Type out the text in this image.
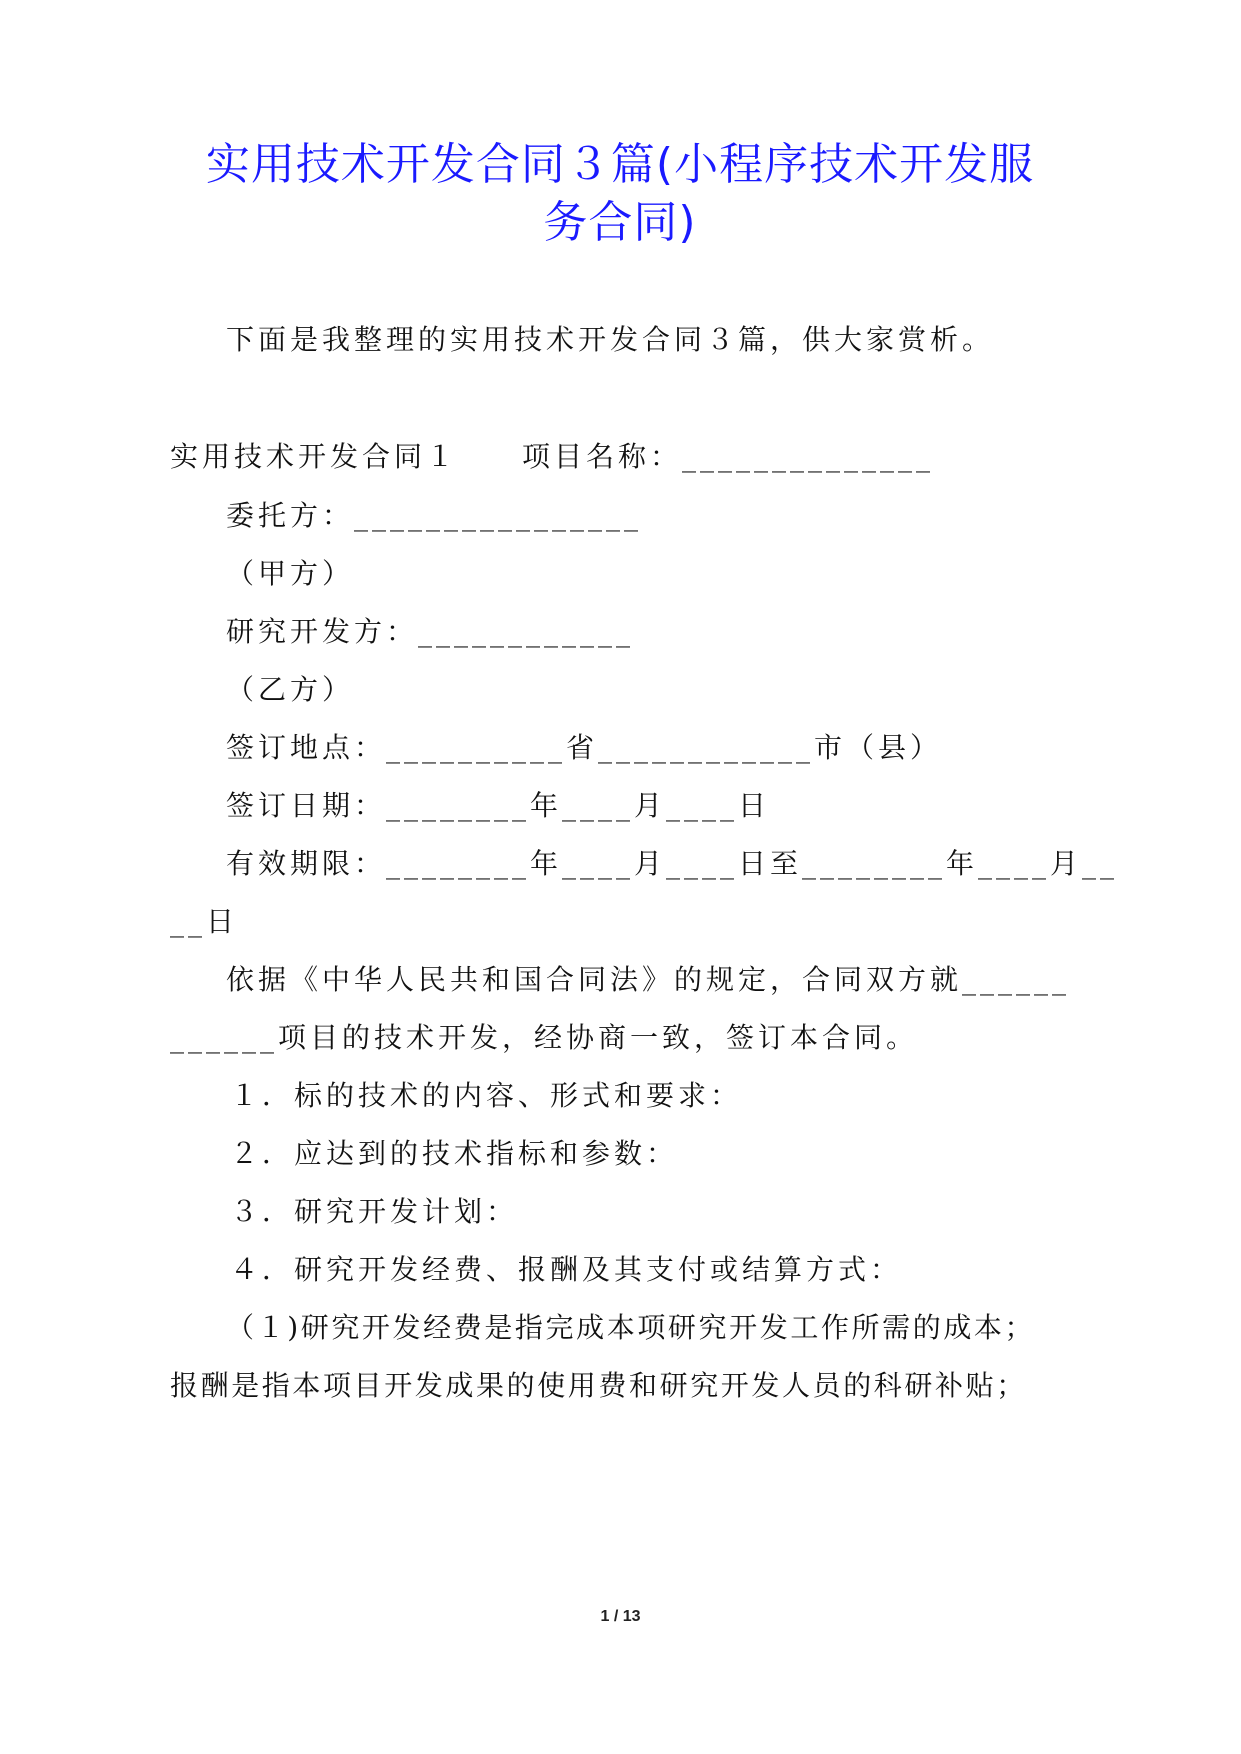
实用技术开发合同３篇(小程序技术开发服
务合同)
下面是我整理的实用技术开发合同３篇，供大家赏析。
实用技术开发合同１　　项目名称：______________
委托方：________________
（甲方）
研究开发方：____________
（乙方）
签订地点：__________省____________市（县）
签订日期：________年____月____日
有效期限：________年____月____日至________年____月__
__日
依据《中华人民共和国合同法》的规定，合同双方就______
______项目的技术开发，经协商一致，签订本合同。
１．标的技术的内容、形式和要求：
２．应达到的技术指标和参数：
３．研究开发计划：
４．研究开发经费、报酬及其支付或结算方式：
（１)研究开发经费是指完成本项研究开发工作所需的成本；
报酬是指本项目开发成果的使用费和研究开发人员的科研补贴；
1 / 13
